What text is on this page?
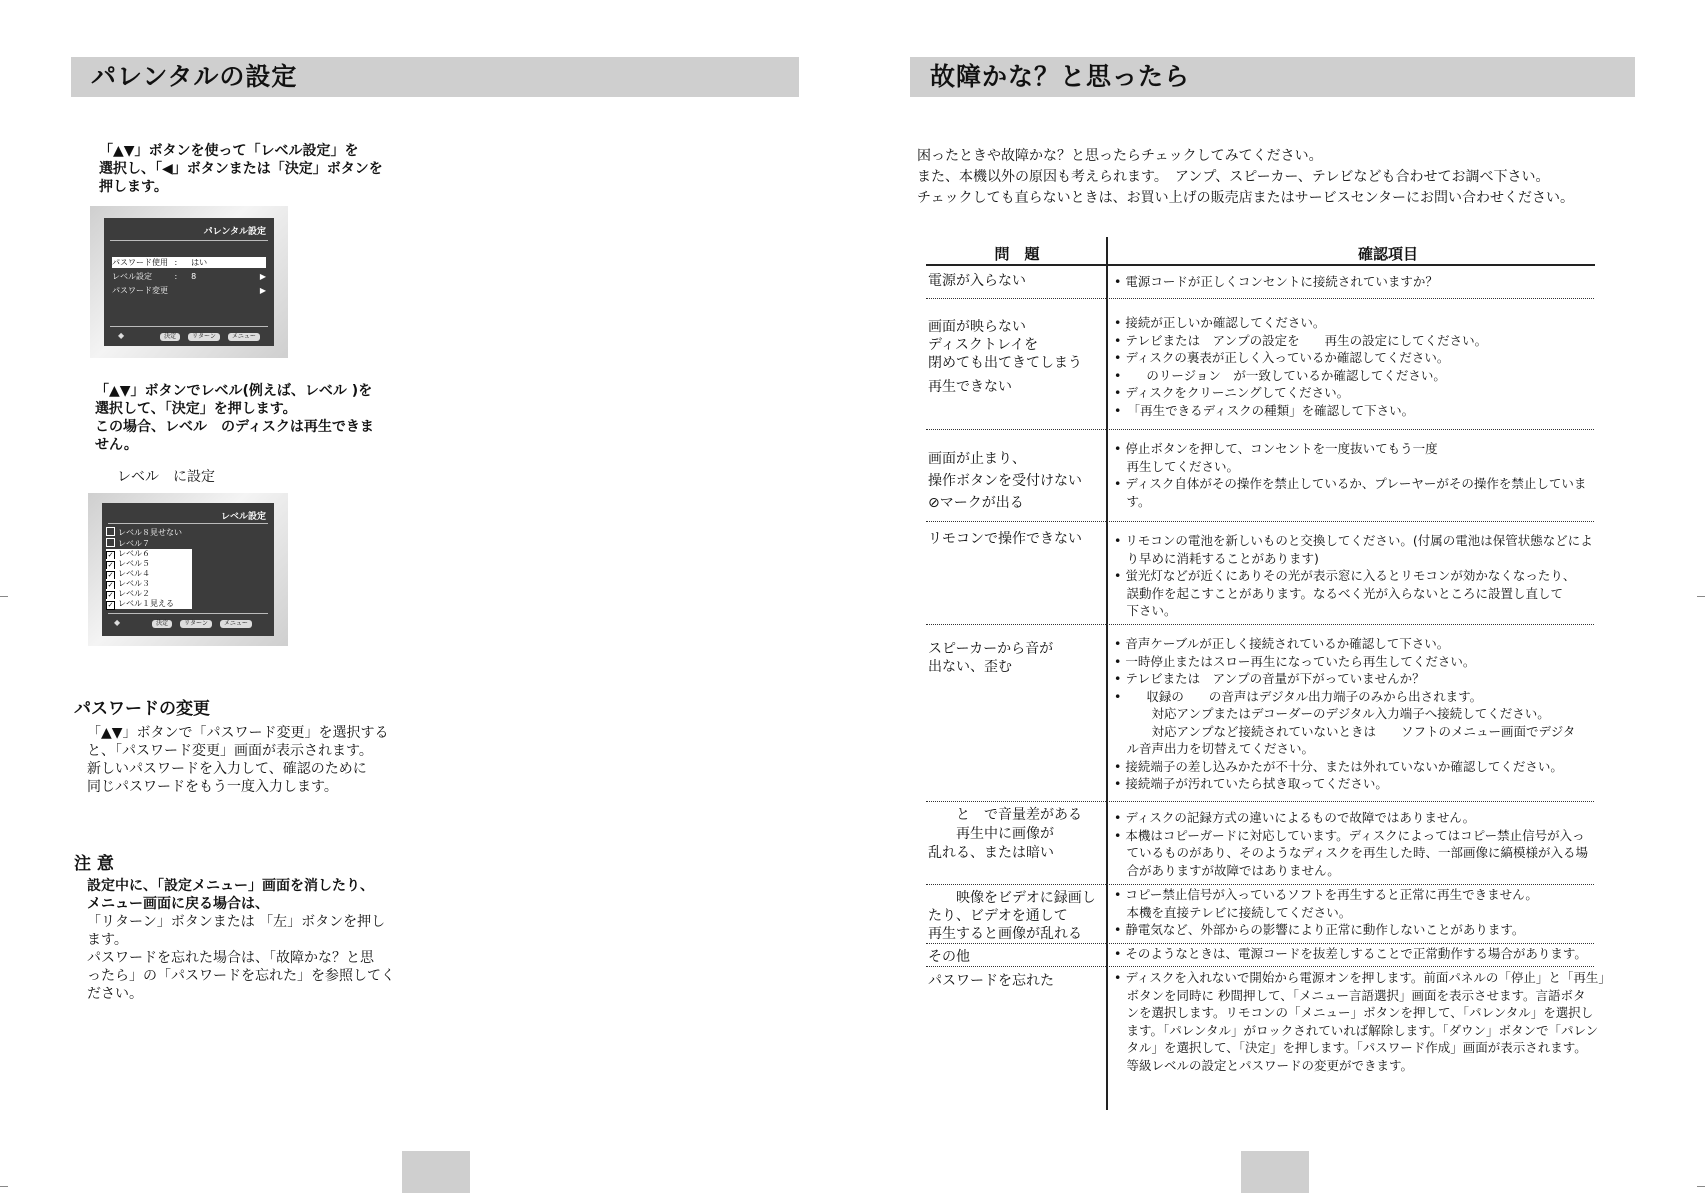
パレンタルの設定

「▲▼」ボタンを使って「レベル設定」を

選択し、「◀」ボタンまたは「決定」ボタンを

押します。

パレンタル設定
パスワード使用 : はい
レベル設定	: 8	▶
パスワード変更	▶
◆	決定	リターン	メニュー

「▲▼」ボタンでレベル(例えば、レベル )を

選択して、「決定」を押します。

この場合、レベル　のディスクは再生できま

せん。

レベル　に設定

レベル設定
レベル８見せない
レベル７
✓ レベル６
✓ レベル５
✓ レベル４
✓ レベル３
✓ レベル２
✓ レベル１見える
◆	決定	リターン	メニュー

パスワードの変更

「▲▼」ボタンで「パスワード変更」を選択する

と、「パスワード変更」画面が表示されます。

新しいパスワードを入力して、確認のために

同じパスワードをもう一度入力します。

注 意

設定中に、「設定メニュー」画面を消したり、

メニュー画面に戻る場合は、

「リターン」ボタンまたは 「左」ボタンを押し

ます。

パスワードを忘れた場合は、「故障かな？と思

ったら」の「パスワードを忘れた」を参照してく

ださい。

故障かな？と思ったら

困ったときや故障かな？と思ったらチェックしてみてください。

また、本機以外の原因も考えられます。　アンプ、スピーカー、テレビなども合わせてお調べ下さい。

チェックしても直らないときは、お買い上げの販売店またはサービスセンターにお問い合わせください。

問　題	確認項目
電源が入らない	• 電源コードが正しくコンセントに接続されていますか？
画面が映らない
ディスクトレイを
閉めても出てきてしまう
再生できない
• 接続が正しいか確認してください。
• テレビまたは　アンプの設定を　　再生の設定にしてください。
• ディスクの裏表が正しく入っているか確認してください。
•　　のリージョン　が一致しているか確認してください。
• ディスクをクリーニングしてください。
•　「再生できるディスクの種類」を確認して下さい。
画面が止まり、
操作ボタンを受付けない
⊘マークが出る
• 停止ボタンを押して、コンセントを一度抜いてもう一度
　再生してください。
• ディスク自体がその操作を禁止しているか、プレーヤーがその操作を禁止していま
　す。
リモコンで操作できない	• リモコンの電池を新しいものと交換してください。(付属の電池は保管状態などによ
　り早めに消耗することがあります)
• 蛍光灯などが近くにありその光が表示窓に入るとリモコンが効かなくなったり、
　誤動作を起こすことがあります。なるべく光が入らないところに設置し直して
　下さい。
スピーカーから音が
出ない、歪む
• 音声ケーブルが正しく接続されているか確認して下さい。
• 一時停止またはスロー再生になっていたら再生してください。
• テレビまたは　アンプの音量が下がっていませんか？
•　　収録の　　の音声はデジタル出力端子のみから出されます。
　　　対応アンプまたはデコーダーのデジタル入力端子へ接続してください。
　　　対応アンプなど接続されていないときは　　ソフトのメニュー画面でデジタ
　ル音声出力を切替えてください。
• 接続端子の差し込みかたが不十分、または外れていないか確認してください。
• 接続端子が汚れていたら拭き取ってください。
　　と　で音量差がある
　　再生中に画像が
乱れる、または暗い
• ディスクの記録方式の違いによるもので故障ではありません。
• 本機はコピーガードに対応しています。ディスクによってはコピー禁止信号が入っ
　ているものがあり、そのようなディスクを再生した時、一部画像に縞模様が入る場
　合がありますが故障ではありません。
　　映像をビデオに録画し
たり、ビデオを通して
再生すると画像が乱れる
• コピー禁止信号が入っているソフトを再生すると正常に再生できません。
　本機を直接テレビに接続してください。
• 静電気など、外部からの影響により正常に動作しないことがあります。
その他	• そのようなときは、電源コードを抜差しすることで正常動作する場合があります。
パスワードを忘れた	• ディスクを入れないで開始から電源オンを押します。前面パネルの「停止」と「再生」
　ボタンを同時に 秒間押して、「メニュー言語選択」画面を表示させます。言語ボタ
　ンを選択します。リモコンの「メニュー」ボタンを押して、「パレンタル」を選択し
　ます。「パレンタル」がロックされていれば解除します。「ダウン」ボタンで「パレン
　タル」を選択して、「決定」を押します。「パスワード作成」画面が表示されます。
　等級レベルの設定とパスワードの変更ができます。
